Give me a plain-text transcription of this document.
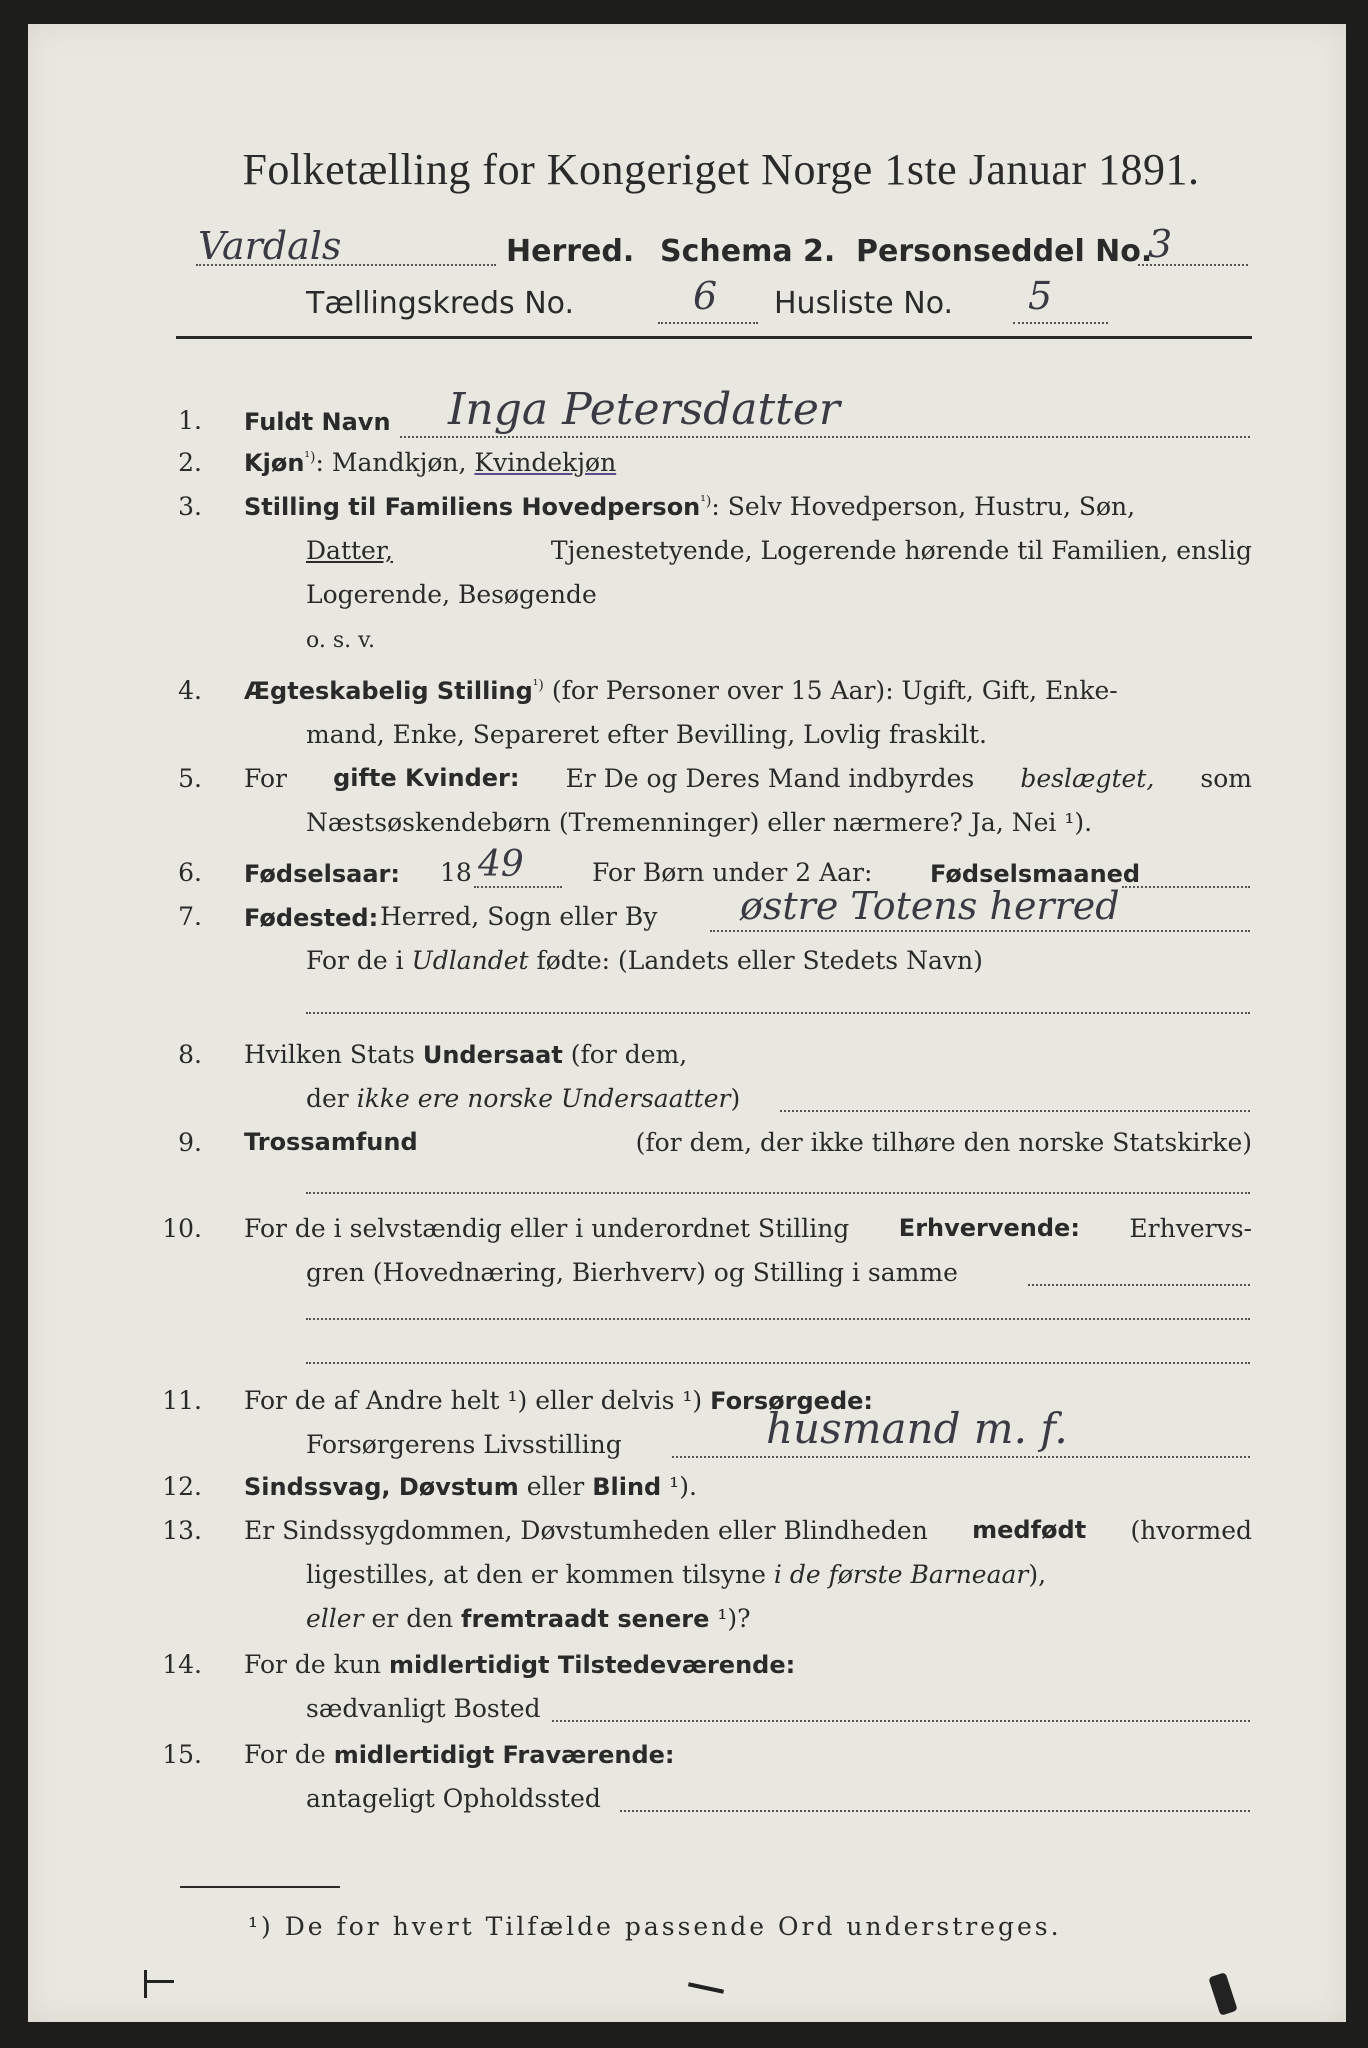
Folketælling for Kongeriget Norge 1ste Januar 1891.
Vardals	Herred. Schema 2. Personseddel No.
3
Tællingskreds No.	6 Husliste No. 5
1. Fuldt Navn Inga Petersdatter
2. Kjøn$^{^1)}$: Mandkjøn, Kvindekjøn
3. Stilling til Familiens Hovedperson$^{^1)}$: Selv Hovedperson, Hustru, Søn,
Datter,	Tjenestetyende, Logerende hørende til Familien, enslig
Logerende, Besøgende
o. s. v.
4. Ægteskabelig Stilling$^{^1)}$ (for Personer over 15 Aar): Ugift, Gift, Enke-
mand, Enke, Separeret efter Bevilling, Lovlig fraskilt.
5. For gifte Kvinder: Er De og Deres Mand indbyrdes beslægtet, som
Næstsøskendebørn (Tremenninger) eller nærmere? Ja, Nei ¹).
6. Fødselsaar: 18 49	For Børn under 2 Aar: Fødselsmaaned
7. Fødested: Herred, Sogn eller By østre Totens herred
For de i Udlandet fødte: (Landets eller Stedets Navn)
8. Hvilken Stats Undersaat (for dem,
der ikke ere norske Undersaatter)
9. Trossamfund	(for dem, der ikke tilhøre den norske Statskirke)
10. For de i selvstændig eller i underordnet Stilling Erhvervende: Erhvervs-
gren (Hovednæring, Bierhverv) og Stilling i samme
11. For de af Andre helt ¹) eller delvis ¹) Forsørgede:
Forsørgerens Livsstilling	husmand m. f.
12. Sindssvag, Døvstum eller Blind ¹).
13. Er Sindssygdommen, Døvstumheden eller Blindheden medfødt (hvormed
ligestilles, at den er kommen tilsyne i de første Barneaar),
eller er den fremtraadt senere ¹)?
14. For de kun midlertidigt Tilstedeværende:
sædvanligt Bosted
15. For de midlertidigt Fraværende:
antageligt Opholdssted
¹) De for hvert Tilfælde passende Ord understreges.
